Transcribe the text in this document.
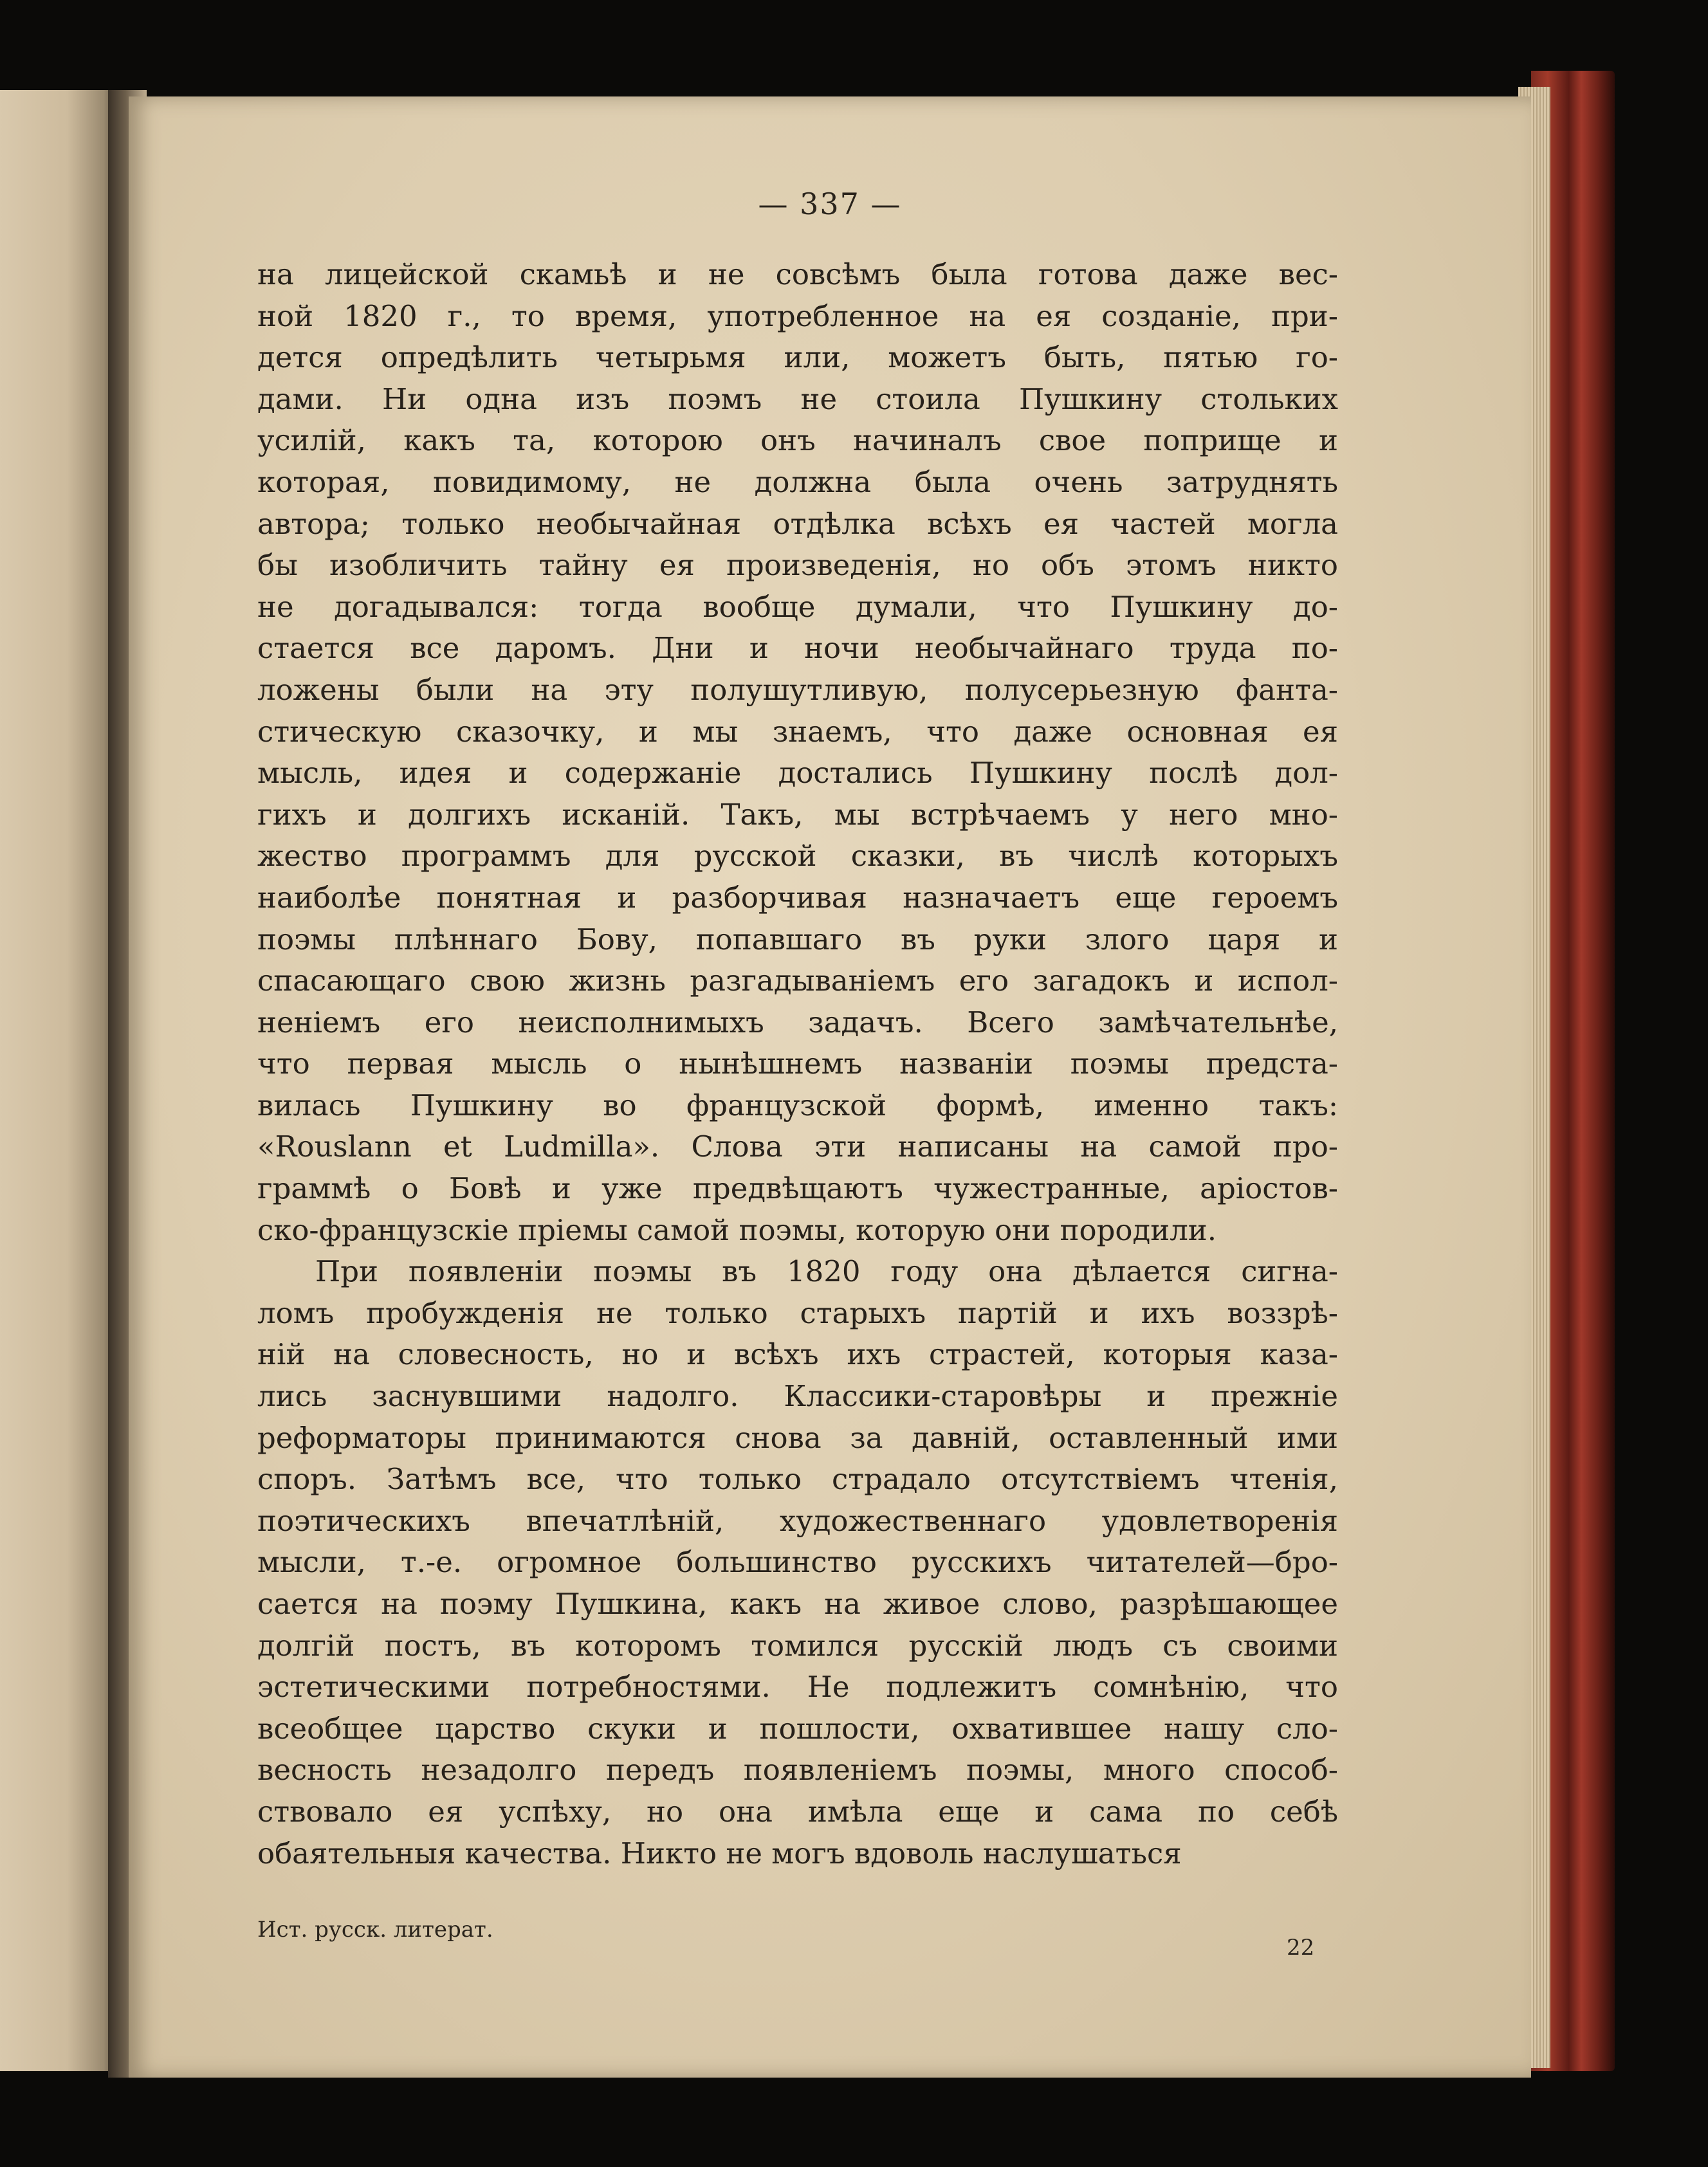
— 337 —
на лицейской скамьѣ и не совсѣмъ была готова даже вес-
ной 1820 г., то время, употребленное на ея созданіе, при-
дется опредѣлить четырьмя или, можетъ быть, пятью го-
дами. Ни одна изъ поэмъ не стоила Пушкину стольких
усилій, какъ та, которою онъ начиналъ свое поприще и
которая, повидимому, не должна была очень затруднять
автора; только необычайная отдѣлка всѣхъ ея частей могла
бы изобличить тайну ея произведенія, но объ этомъ никто
не догадывался: тогда вообще думали, что Пушкину до-
стается все даромъ. Дни и ночи необычайнаго труда по-
ложены были на эту полушутливую, полусерьезную фанта-
стическую сказочку, и мы знаемъ, что даже основная ея
мысль, идея и содержаніе достались Пушкину послѣ дол-
гихъ и долгихъ исканій. Такъ, мы встрѣчаемъ у него мно-
жество программъ для русской сказки, въ числѣ которыхъ
наиболѣе понятная и разборчивая назначаетъ еще героемъ
поэмы плѣннаго Бову, попавшаго въ руки злого царя и
спасающаго свою жизнь разгадываніемъ его загадокъ и испол-
неніемъ его неисполнимыхъ задачъ. Всего замѣчательнѣе,
что первая мысль о нынѣшнемъ названіи поэмы предста-
вилась Пушкину во французской формѣ, именно такъ:
«Rouslann et Ludmilla». Слова эти написаны на самой про-
граммѣ о Бовѣ и уже предвѣщаютъ чужестранные, аріостов-
ско-французскіе пріемы самой поэмы, которую они породили.
При появленіи поэмы въ 1820 году она дѣлается сигна-
ломъ пробужденія не только старыхъ партій и ихъ воззрѣ-
ній на словесность, но и всѣхъ ихъ страстей, которыя каза-
лись заснувшими надолго. Классики-старовѣры и прежніе
реформаторы принимаются снова за давній, оставленный ими
споръ. Затѣмъ все, что только страдало отсутствіемъ чтенія,
поэтическихъ впечатлѣній, художественнаго удовлетворенія
мысли, т.-е. огромное большинство русскихъ читателей—бро-
сается на поэму Пушкина, какъ на живое слово, разрѣшающее
долгій постъ, въ которомъ томился русскій людъ съ своими
эстетическими потребностями. Не подлежитъ сомнѣнію, что
всеобщее царство скуки и пошлости, охватившее нашу сло-
весность незадолго передъ появленіемъ поэмы, много способ-
ствовало ея успѣху, но она имѣла еще и сама по себѣ
обаятельныя качества. Никто не могъ вдоволь наслушаться
Ист. русск. литерат.
22
